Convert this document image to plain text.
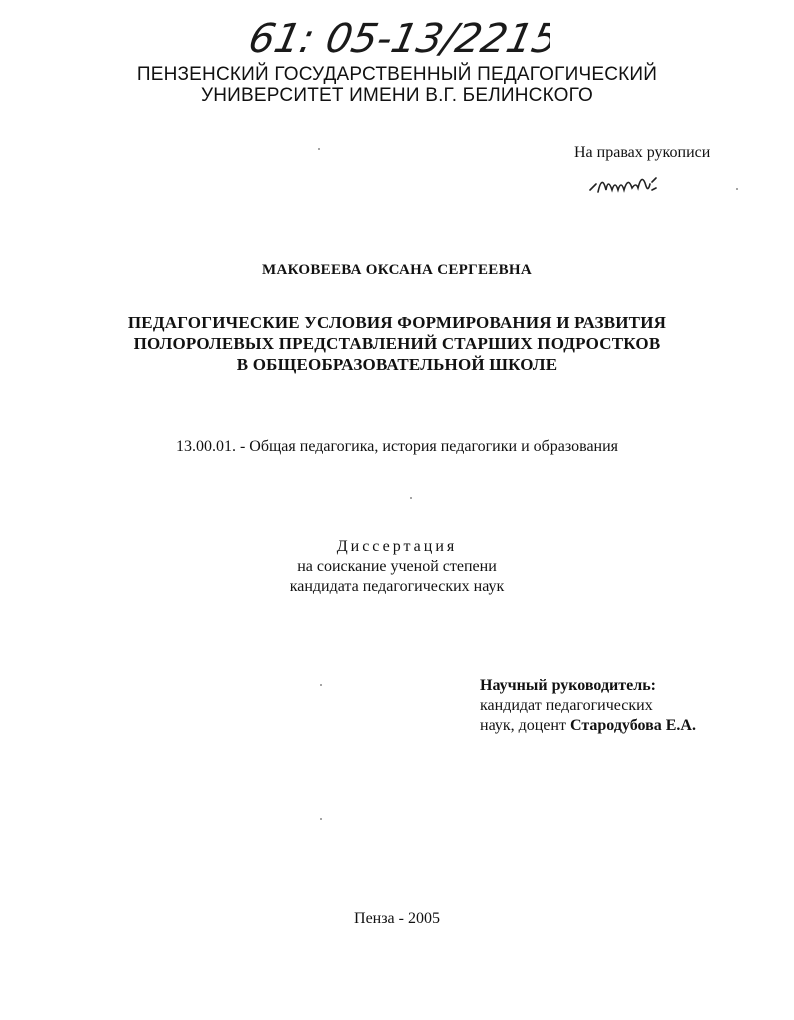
61: 05-13/2215
ПЕНЗЕНСКИЙ ГОСУДАРСТВЕННЫЙ ПЕДАГОГИЧЕСКИЙ
УНИВЕРСИТЕТ ИМЕНИ В.Г. БЕЛИНСКОГО
На правах рукописи
МАКОВЕЕВА ОКСАНА СЕРГЕЕВНА
ПЕДАГОГИЧЕСКИЕ УСЛОВИЯ ФОРМИРОВАНИЯ И РАЗВИТИЯ
ПОЛОРОЛЕВЫХ ПРЕДСТАВЛЕНИЙ СТАРШИХ ПОДРОСТКОВ
В ОБЩЕОБРАЗОВАТЕЛЬНОЙ ШКОЛЕ
13.00.01. - Общая педагогика, история педагогики и образования
Диссертация
на соискание ученой степени
кандидата педагогических наук
Научный руководитель:
кандидат педагогических
наук, доцент Стародубова Е.А.
Пенза - 2005
